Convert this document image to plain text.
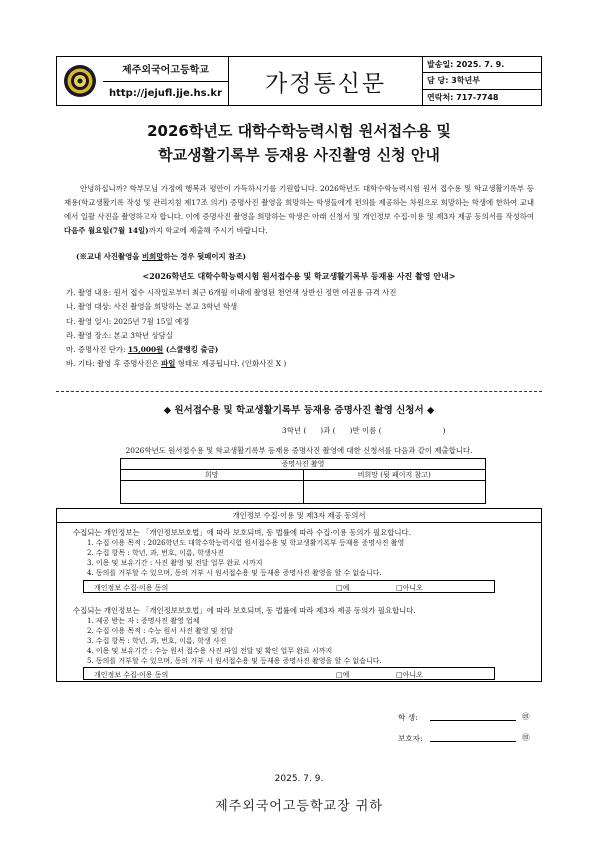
제주외국어고등학교
http://jejufl.jje.hs.kr	가정통신문
발송일: 2025. 7. 9.
담 당: 3학년부
연락처: 717-7748
2026학년도 대학수학능력시험 원서접수용 및
학교생활기록부 등재용 사진촬영 신청 안내
안녕하십니까? 학부모님 가정에 행복과 평안이 가득하시기를 기원합니다. 2026학년도 대학수학능력시험 원서 접수용 및 학교생활기록부 등재용(학교생활기록 작성 및 관리지침 제17조 의거) 증명사진 촬영을 희망하는 학생들에게 편의를 제공하는 차원으로 희망하는 학생에 한하여 교내에서 일괄 사진을 촬영하고자 합니다. 이에 증명사진 촬영을 희망하는 학생은 아래 신청서 및 개인정보 수집·이용 및 제3자 제공 동의서를 작성하여 다음주 월요일(7월 14일)까지 학교에 제출해 주시기 바랍니다.
(※교내 사진촬영을 비희망하는 경우 뒷페이지 참조)
<2026학년도 대학수학능력시험 원서접수용 및 학교생활기록부 등재용 사진 촬영 안내>
가. 촬영 내용: 원서 접수 시작일로부터 최근 6개월 이내에 촬영된 천연색 상반신 정면 여권용 규격 사진
나. 촬영 대상: 사진 촬영을 희망하는 본교 3학년 학생
다. 촬영 일시: 2025년 7월 15일 예정
라. 촬영 장소: 본교 3학년 상담실
마. 증명사진 단가: 15,000원 (스쿨뱅킹 출금)
바. 기타: 촬영 후 증명사진은 파일 형태로 제공됩니다. (인화사진 X )
◆ 원서접수용 및 학교생활기록부 등재용 증명사진 촬영 신청서 ◆
3학년 (      )과 (      )반 이름 (                          )
2026학년도 원서접수용 및 학교생활기록부 등재용 증명사진 촬영에 대한 신청서를 다음과 같이 제출합니다.
증명사진 촬영	
희망	비희망 (뒷 페이지 참고)

개인정보 수집·이용 및 제3자 제공 동의서
수집되는 개인정보는 「개인정보보호법」에 따라 보호되며, 동 법률에 따라 수집·이용 동의가 필요합니다.
1. 수집 이용 목적 : 2026학년도 대학수학능력시험 원서접수용 및 학교생활기록부 등재용 증명사진 촬영
2. 수집 항목 : 학년, 과, 번호, 이름, 학생사진
3. 이용 및 보유기간 : 사진 촬영 및 전달 업무 완료 시까지
4. 동의를 거부할 수 있으며, 동의 거부 시 원서접수용 및 등재용 증명사진 촬영을 할 수 없습니다.
개인정보 수집·이용 동의	□예	□아니오
수집되는 개인정보는 「개인정보보호법」에 따라 보호되며, 동 법률에 따라 제3자 제공 동의가 필요합니다.
1. 제공 받는 자 : 증명사진 촬영 업체
2. 수집 이용 목적 : 수능 원서 사진 촬영 및 전달
3. 수집 항목 : 학년, 과, 번호, 이름, 학생 사진
4. 이용 및 보유기간 : 수능 원서 접수용 사진 파일 전달 및 확인 업무 완료 시까지
5. 동의를 거부할 수 있으며, 동의 거부 시 원서접수용 및 등재용 증명사진 촬영을 할 수 없습니다.
개인정보 수집·이용 동의	□예	□아니오
학 생:	㊞
보호자:	㊞
2025. 7. 9.
제주외국어고등학교장 귀하
